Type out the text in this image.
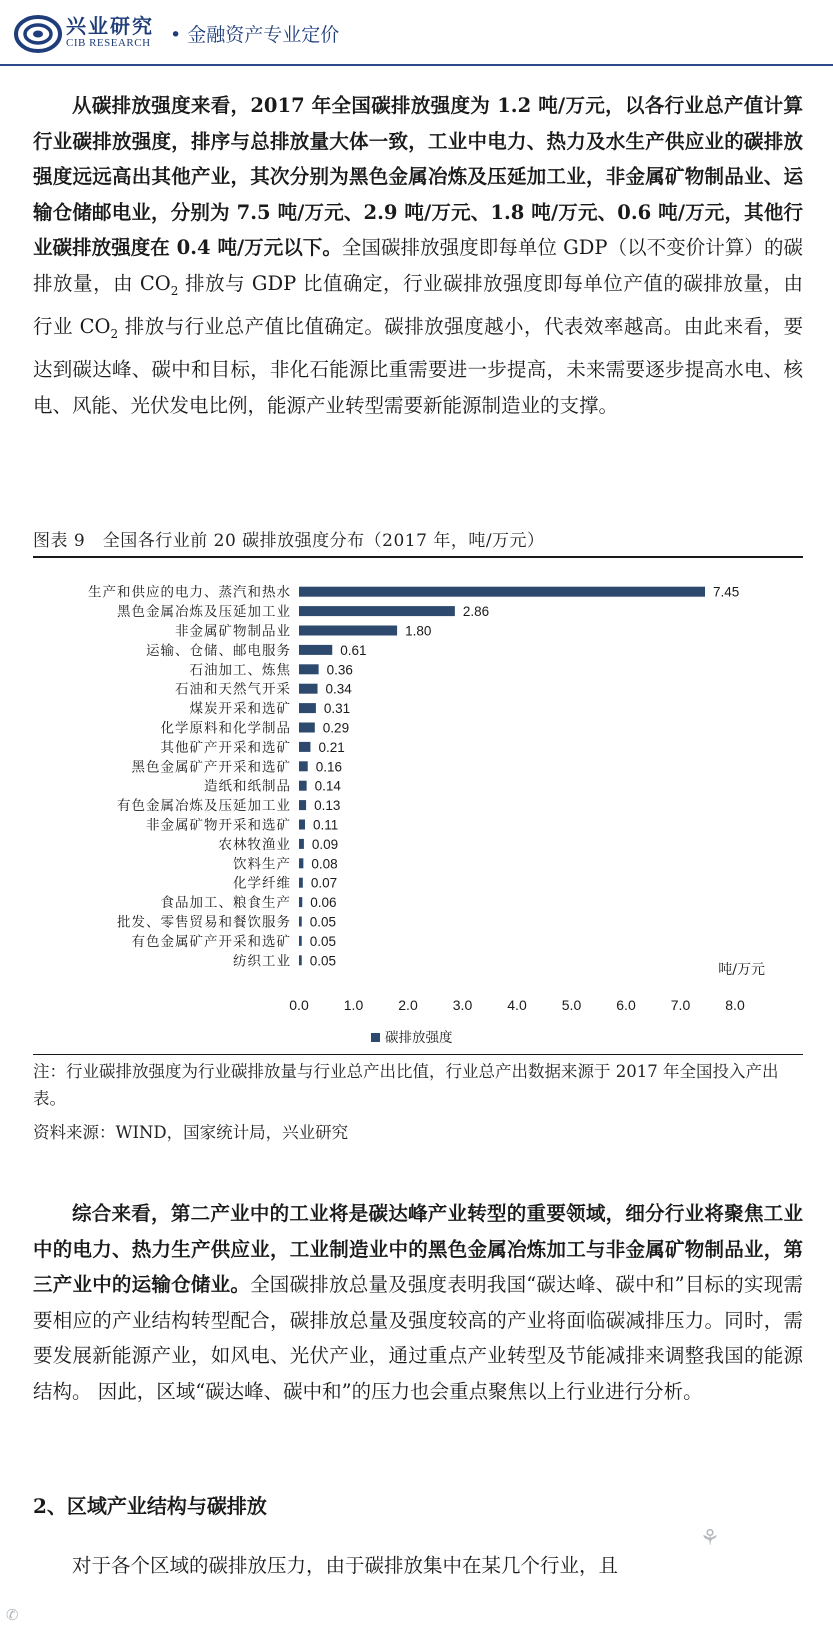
兴业研究
CIB RESEARCH • 金融资产专业定价
从碳排放强度来看，2017 年全国碳排放强度为 1.2 吨/万元，以各行业总产值计算行业碳排放强度，排序与总排放量大体一致，工业中电力、热力及水生产供应业的碳排放强度远远高出其他产业，其次分别为黑色金属冶炼及压延加工业，非金属矿物制品业、运输仓储邮电业，分别为 7.5 吨/万元、2.9 吨/万元、1.8 吨/万元、0.6 吨/万元，其他行业碳排放强度在 0.4 吨/万元以下。全国碳排放强度即每单位 GDP（以不变价计算）的碳排放量，由 $CO_2$ 排放与 GDP 比值确定，行业碳排放强度即每单位产值的碳排放量，由行业 $CO_2$ 排放与行业总产值比值确定。碳排放强度越小，代表效率越高。由此来看，要达到碳达峰、碳中和目标，非化石能源比重需要进一步提高，未来需要逐步提高水电、核电、风能、光伏发电比例，能源产业转型需要新能源制造业的支撑。
图表 9　全国各行业前 20 碳排放强度分布（2017 年，吨/万元）
生产和供应的电力、蒸汽和热水	7.45
黑色金属冶炼及压延加工业	2.86
非金属矿物制品业	1.80
运输、仓储、邮电服务	0.61
石油加工、炼焦	0.36
石油和天然气开采	0.34
煤炭开采和选矿 0.31
化学原料和化学制品 0.29
其他矿产开采和选矿 0.21
黑色金属矿产开采和选矿 0.16
造纸和纸制品 0.14
有色金属冶炼及压延加工业 0.13
非金属矿物开采和选矿 0.11
农林牧渔业 0.09
饮料生产 0.08
化学纤维 0.07
食品加工、粮食生产 0.06
批发、零售贸易和餐饮服务 0.05
有色金属矿产开采和选矿 0.05
纺织工业 0.05
0.0	1.0	2.0	3.0	4.0	5.0	6.0	7.0	8.0
吨/万元
碳排放强度
注：行业碳排放强度为行业碳排放量与行业总产出比值，行业总产出数据来源于 2017 年全国投入产出表。
资料来源：WIND，国家统计局，兴业研究
综合来看，第二产业中的工业将是碳达峰产业转型的重要领域，细分行业将聚焦工业中的电力、热力生产供应业，工业制造业中的黑色金属冶炼加工与非金属矿物制品业，第三产业中的运输仓储业。全国碳排放总量及强度表明我国“碳达峰、碳中和”目标的实现需要相应的产业结构转型配合，碳排放总量及强度较高的产业将面临碳减排压力。同时，需要发展新能源产业，如风电、光伏产业，通过重点产业转型及节能减排来调整我国的能源结构。 因此，区域“碳达峰、碳中和”的压力也会重点聚焦以上行业进行分析。
2、区域产业结构与碳排放
对于各个区域的碳排放压力，由于碳排放集中在某几个行业，且
✆
⚘
